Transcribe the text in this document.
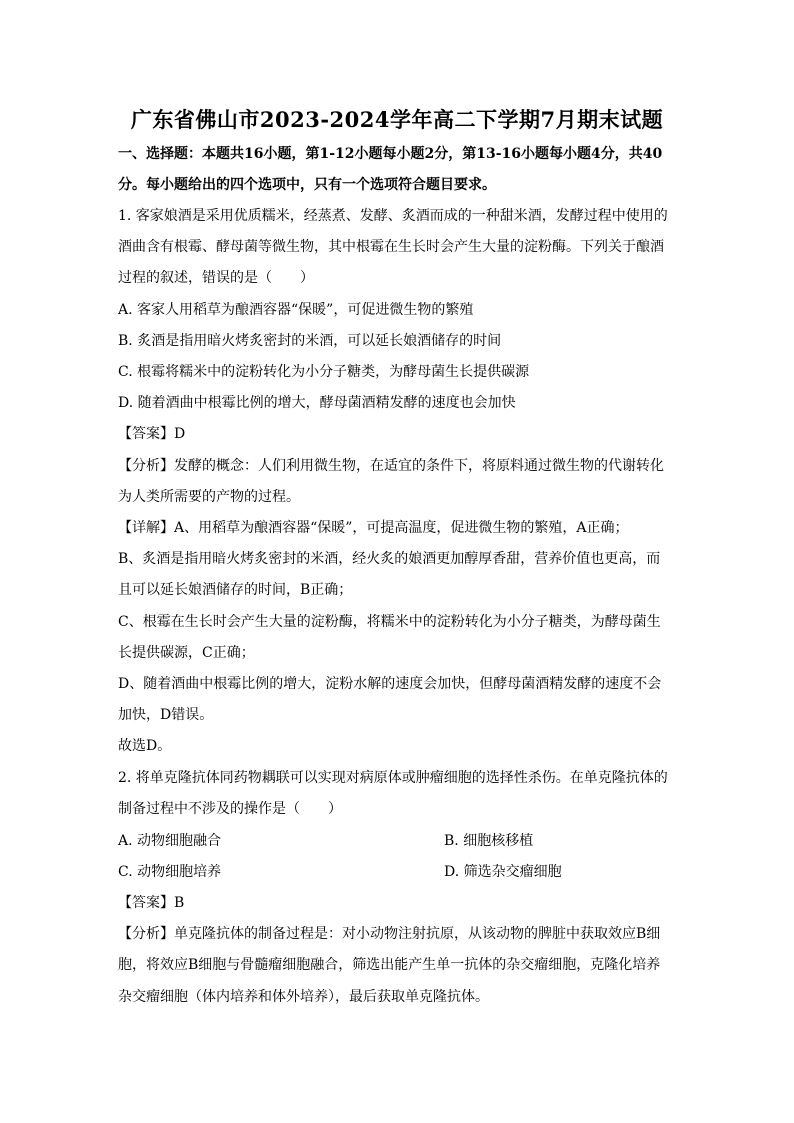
广东省佛山市2023-2024学年高二下学期7月期末试题
一、选择题：本题共16小题，第1-12小题每小题2分，第13-16小题每小题4分，共40
分。每小题给出的四个选项中，只有一个选项符合题目要求。
1. 客家娘酒是采用优质糯米，经蒸煮、发酵、炙酒而成的一种甜米酒，发酵过程中使用的
酒曲含有根霉、酵母菌等微生物，其中根霉在生长时会产生大量的淀粉酶。下列关于酿酒
过程的叙述，错误的是（　　）
A. 客家人用稻草为酿酒容器“保暖”，可促进微生物的繁殖
B. 炙酒是指用暗火烤炙密封的米酒，可以延长娘酒储存的时间
C. 根霉将糯米中的淀粉转化为小分子糖类，为酵母菌生长提供碳源
D. 随着酒曲中根霉比例的增大，酵母菌酒精发酵的速度也会加快
【答案】D
【分析】发酵的概念：人们利用微生物，在适宜的条件下，将原料通过微生物的代谢转化
为人类所需要的产物的过程。
【详解】A、用稻草为酿酒容器“保暖”，可提高温度，促进微生物的繁殖，A正确；
B、炙酒是指用暗火烤炙密封的米酒，经火炙的娘酒更加醇厚香甜，营养价值也更高，而
且可以延长娘酒储存的时间，B正确；
C、根霉在生长时会产生大量的淀粉酶，将糯米中的淀粉转化为小分子糖类，为酵母菌生
长提供碳源，C正确；
D、随着酒曲中根霉比例的增大，淀粉水解的速度会加快，但酵母菌酒精发酵的速度不会
加快，D错误。
故选D。
2. 将单克隆抗体同药物耦联可以实现对病原体或肿瘤细胞的选择性杀伤。在单克隆抗体的
制备过程中不涉及的操作是（　　）
A. 动物细胞融合	B. 细胞核移植
C. 动物细胞培养	D. 筛选杂交瘤细胞
【答案】B
【分析】单克隆抗体的制备过程是：对小动物注射抗原，从该动物的脾脏中获取效应B细
胞，将效应B细胞与骨髓瘤细胞融合，筛选出能产生单一抗体的杂交瘤细胞，克隆化培养
杂交瘤细胞（体内培养和体外培养），最后获取单克隆抗体。
